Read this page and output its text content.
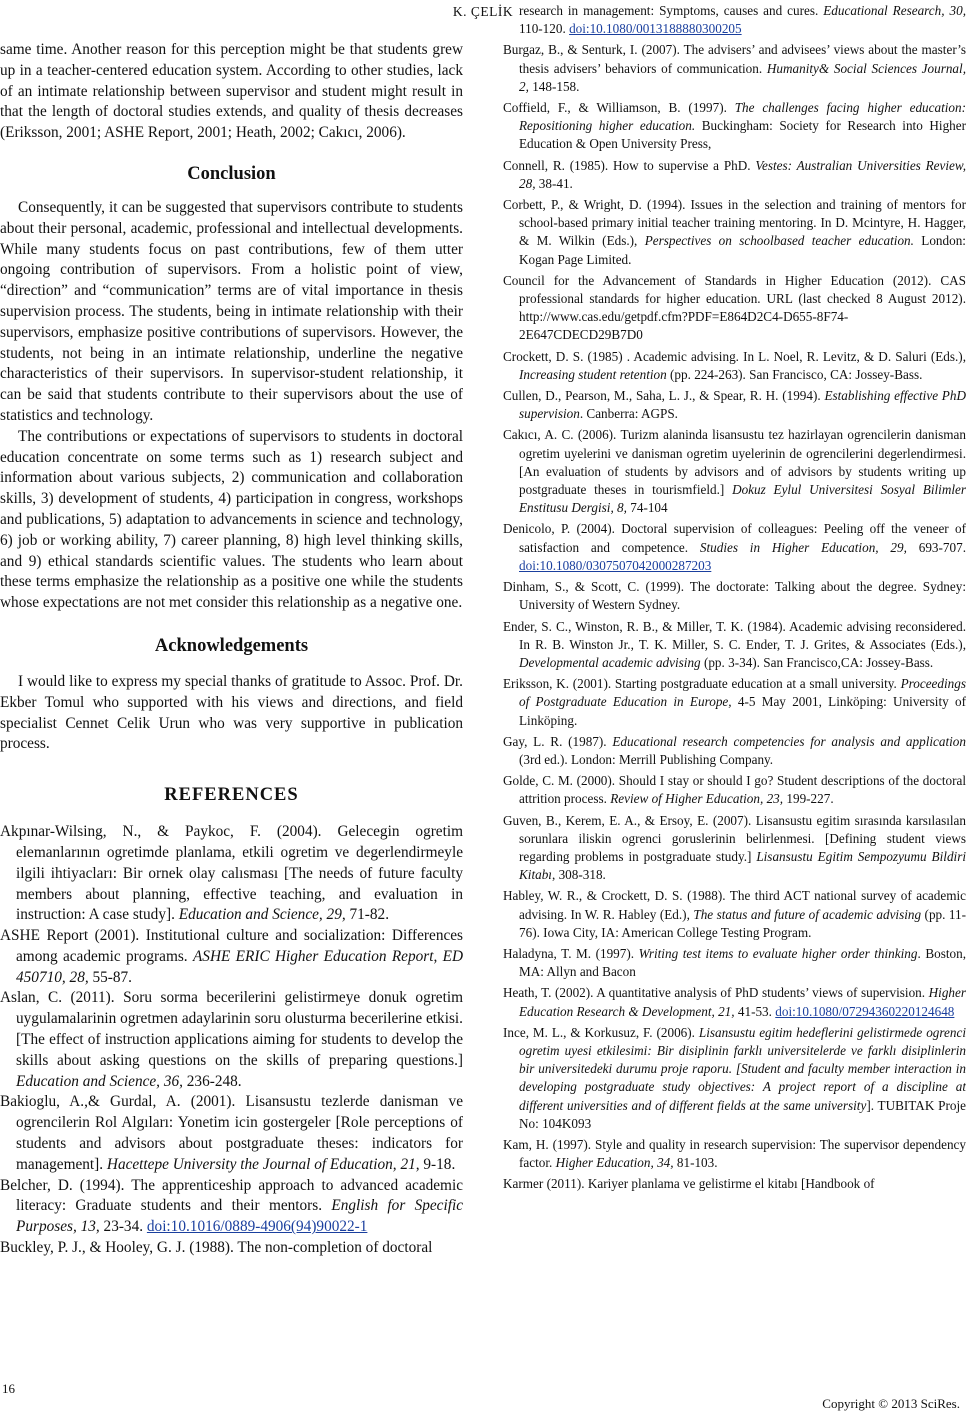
K. ÇELİK

same time. Another reason for this perception might be that students grew up in a teacher-centered education system. According to other studies, lack of an intimate relationship between supervisor and student might result in that the length of doctoral studies extends, and quality of thesis decreases (Eriksson, 2001; ASHE Report, 2001; Heath, 2002; Cakıcı, 2006).

Conclusion

Consequently, it can be suggested that supervisors contribute to students about their personal, academic, professional and intellectual developments. While many students focus on past contributions, few of them utter ongoing contribution of supervisors. From a holistic point of view, “direction” and “communication” terms are of vital importance in thesis supervision process. The students, being in intimate relationship with their supervisors, emphasize positive contributions of supervisors. However, the students, not being in an intimate relationship, underline the negative characteristics of their supervisors. In supervisor-student relationship, it can be said that students contribute to their supervisors about the use of statistics and technology.

The contributions or expectations of supervisors to students in doctoral education concentrate on some terms such as 1) research subject and information about various subjects, 2) communication and collaboration skills, 3) development of students, 4) participation in congress, workshops and publications, 5) adaptation to advancements in science and technology, 6) job or working ability, 7) career planning, 8) high level thinking skills, and 9) ethical standards scientific values. The students who learn about these terms emphasize the relationship as a positive one while the students whose expectations are not met consider this relationship as a negative one.

Acknowledgements

I would like to express my special thanks of gratitude to Assoc. Prof. Dr. Ekber Tomul who supported with his views and directions, and field specialist Cennet Celik Urun who was very supportive in publication process.

REFERENCES

Akpınar-Wilsing, N., & Paykoc, F. (2004). Gelecegin ogretim elemanlarının ogretimde planlama, etkili ogretim ve degerlendirmeyle ilgili ihtiyacları: Bir ornek olay calısması [The needs of future faculty members about planning, effective teaching, and evaluation in instruction: A case study]. Education and Science, 29, 71-82.

ASHE Report (2001). Institutional culture and socialization: Differences among academic programs. ASHE ERIC Higher Education Report, ED 450710, 28, 55-87.

Aslan, C. (2011). Soru sorma becerilerini gelistirmeye donuk ogretim uygulamalarinin ogretmen adaylarinin soru olusturma becerilerine etkisi. [The effect of instruction applications aiming for students to develop the skills about asking questions on the skills of preparing questions.] Education and Science, 36, 236-248.

Bakioglu, A.,& Gurdal, A. (2001). Lisansustu tezlerde danisman ve ogrencilerin Rol Algıları: Yonetim icin gostergeler [Role perceptions of students and advisors about postgraduate theses: indicators for management]. Hacettepe University the Journal of Education, 21, 9-18.

Belcher, D. (1994). The apprenticeship approach to advanced academic literacy: Graduate students and their mentors. English for Specific Purposes, 13, 23-34. doi:10.1016/0889-4906(94)90022-1

Buckley, P. J., & Hooley, G. J. (1988). The non-completion of doctoral

research in management: Symptoms, causes and cures. Educational Research, 30, 110-120. doi:10.1080/0013188880300205

Burgaz, B., & Senturk, I. (2007). The advisers’ and advisees’ views about the master’s thesis advisers’ behaviors of communication. Humanity& Social Sciences Journal, 2, 148-158.

Coffield, F., & Williamson, B. (1997). The challenges facing higher education: Repositioning higher education. Buckingham: Society for Research into Higher Education & Open University Press,

Connell, R. (1985). How to supervise a PhD. Vestes: Australian Universities Review, 28, 38-41.

Corbett, P., & Wright, D. (1994). Issues in the selection and training of mentors for school-based primary initial teacher training mentoring. In D. Mcintyre, H. Hagger, & M. Wilkin (Eds.), Perspectives on schoolbased teacher education. London: Kogan Page Limited.

Council for the Advancement of Standards in Higher Education (2012). CAS professional standards for higher education. URL (last checked 8 August 2012). http://www.cas.edu/getpdf.cfm?PDF=E864D2C4-D655-8F74-2E647CDECD29B7D0

Crockett, D. S. (1985) . Academic advising. In L. Noel, R. Levitz, & D. Saluri (Eds.), Increasing student retention (pp. 224-263). San Francisco, CA: Jossey-Bass.

Cullen, D., Pearson, M., Saha, L. J., & Spear, R. H. (1994). Establishing effective PhD supervision. Canberra: AGPS.

Cakıcı, A. C. (2006). Turizm alaninda lisansustu tez hazirlayan ogrencilerin danisman ogretim uyelerini ve danisman ogretim uyelerinin de ogrencilerini degerlendirmesi. [An evaluation of students by advisors and of advisors by students writing up postgraduate theses in tourismfield.] Dokuz Eylul Universitesi Sosyal Bilimler Enstitusu Dergisi, 8, 74-104

Denicolo, P. (2004). Doctoral supervision of colleagues: Peeling off the veneer of satisfaction and competence. Studies in Higher Education, 29, 693-707. doi:10.1080/0307507042000287203

Dinham, S., & Scott, C. (1999). The doctorate: Talking about the degree. Sydney: University of Western Sydney.

Ender, S. C., Winston, R. B., & Miller, T. K. (1984). Academic advising reconsidered. In R. B. Winston Jr., T. K. Miller, S. C. Ender, T. J. Grites, & Associates (Eds.), Developmental academic advising (pp. 3-34). San Francisco,CA: Jossey-Bass.

Eriksson, K. (2001). Starting postgraduate education at a small university. Proceedings of Postgraduate Education in Europe, 4-5 May 2001, Linköping: University of Linköping.

Gay, L. R. (1987). Educational research competencies for analysis and application (3rd ed.). London: Merrill Publishing Company.

Golde, C. M. (2000). Should I stay or should I go? Student descriptions of the doctoral attrition process. Review of Higher Education, 23, 199-227.

Guven, B., Kerem, E. A., & Ersoy, E. (2007). Lisansustu egitim sırasında karsılasılan sorunlara iliskin ogrenci goruslerinin belirlenmesi. [Defining student views regarding problems in postgraduate study.] Lisansustu Egitim Sempozyumu Bildiri Kitabı, 308-318.

Habley, W. R., & Crockett, D. S. (1988). The third ACT national survey of academic advising. In W. R. Habley (Ed.), The status and future of academic advising (pp. 11-76). Iowa City, IA: American College Testing Program.

Haladyna, T. M. (1997). Writing test items to evaluate higher order thinking. Boston, MA: Allyn and Bacon

Heath, T. (2002). A quantitative analysis of PhD students’ views of supervision. Higher Education Research & Development, 21, 41-53. doi:10.1080/07294360220124648

Ince, M. L., & Korkusuz, F. (2006). Lisansustu egitim hedeflerini gelistirmede ogrenci ogretim uyesi etkilesimi: Bir disiplinin farklı universitelerde ve farklı disiplinlerin bir universitedeki durumu proje raporu. [Student and faculty member interaction in developing postgraduate study objectives: A project report of a discipline at different universities and of different fields at the same university]. TUBITAK Proje No: 104K093

Kam, H. (1997). Style and quality in research supervision: The supervisor dependency factor. Higher Education, 34, 81-103.

Karmer (2011). Kariyer planlama ve gelistirme el kitabı [Handbook of

16
Copyright © 2013 SciRes.
